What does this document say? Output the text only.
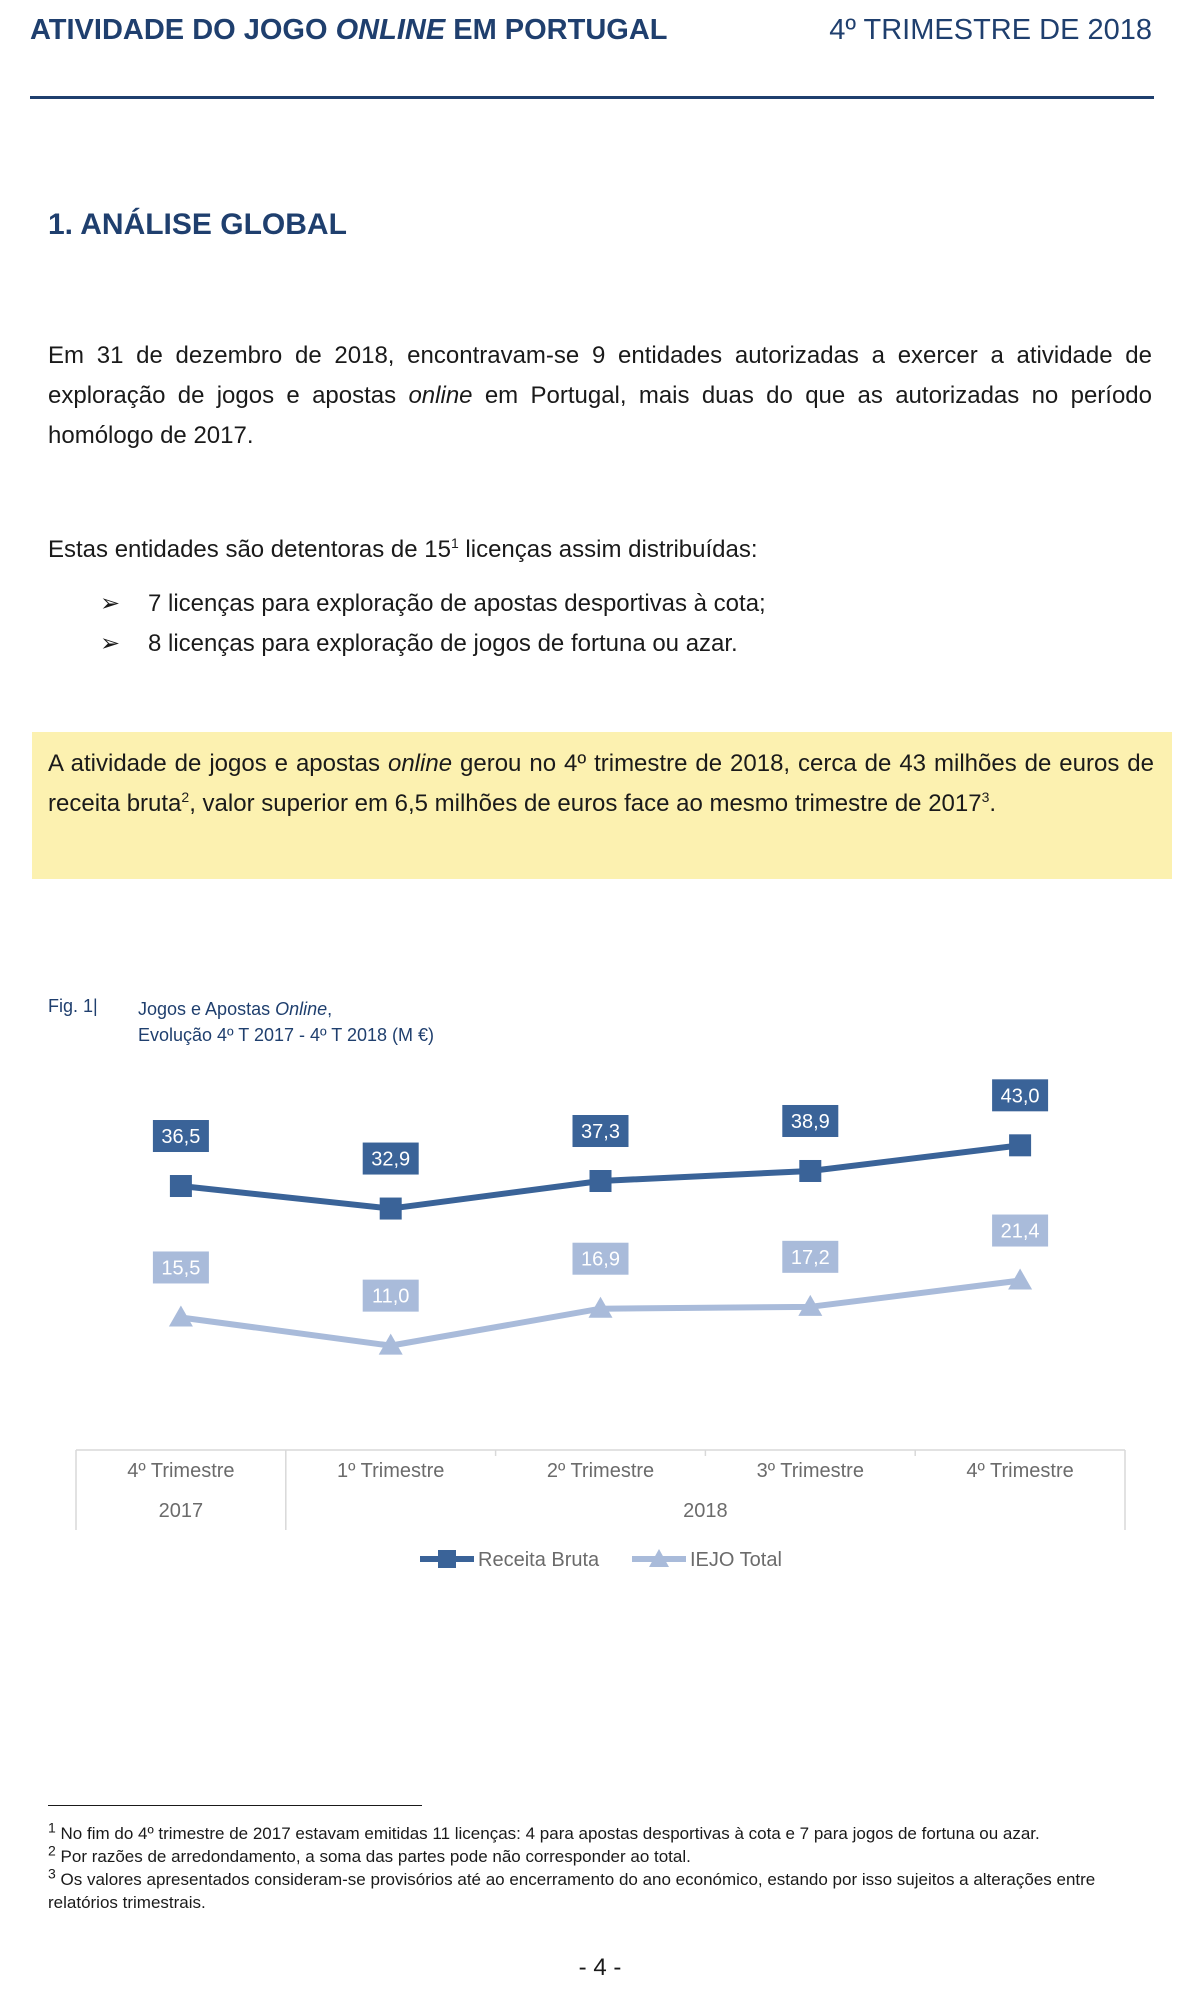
ATIVIDADE DO JOGO ONLINE EM PORTUGAL	4º TRIMESTRE DE 2018
1. ANÁLISE GLOBAL
Em 31 de dezembro de 2018, encontravam-se 9 entidades autorizadas a exercer a atividade de exploração de jogos e apostas online em Portugal, mais duas do que as autorizadas no período homólogo de 2017.
Estas entidades são detentoras de $15^1$ licenças assim distribuídas:
➢ 7 licenças para exploração de apostas desportivas à cota;
➢ 8 licenças para exploração de jogos de fortuna ou azar.
A atividade de jogos e apostas online gerou no 4º trimestre de 2018, cerca de 43 milhões de euros de receita bruta$^2$, valor superior em 6,5 milhões de euros face ao mesmo trimestre de 2017$^3$.
Fig. 1| Jogos e Apostas Online,
Evolução 4º T 2017 - 4º T 2018 (M €)
4º Trimestre	1º Trimestre	2º Trimestre	3º Trimestre	4º Trimestre
2017	2018
36,5
32,9
37,3	38,9
43,0
15,5
11,0
16,9	17,2
21,4
Receita Bruta	IEJO Total
$^1$ No fim do 4º trimestre de 2017 estavam emitidas 11 licenças: 4 para apostas desportivas à cota e 7 para jogos de fortuna ou azar.
$^2$ Por razões de arredondamento, a soma das partes pode não corresponder ao total.
$^3$ Os valores apresentados consideram-se provisórios até ao encerramento do ano económico, estando por isso sujeitos a alterações entre relatórios trimestrais.
- 4 -
